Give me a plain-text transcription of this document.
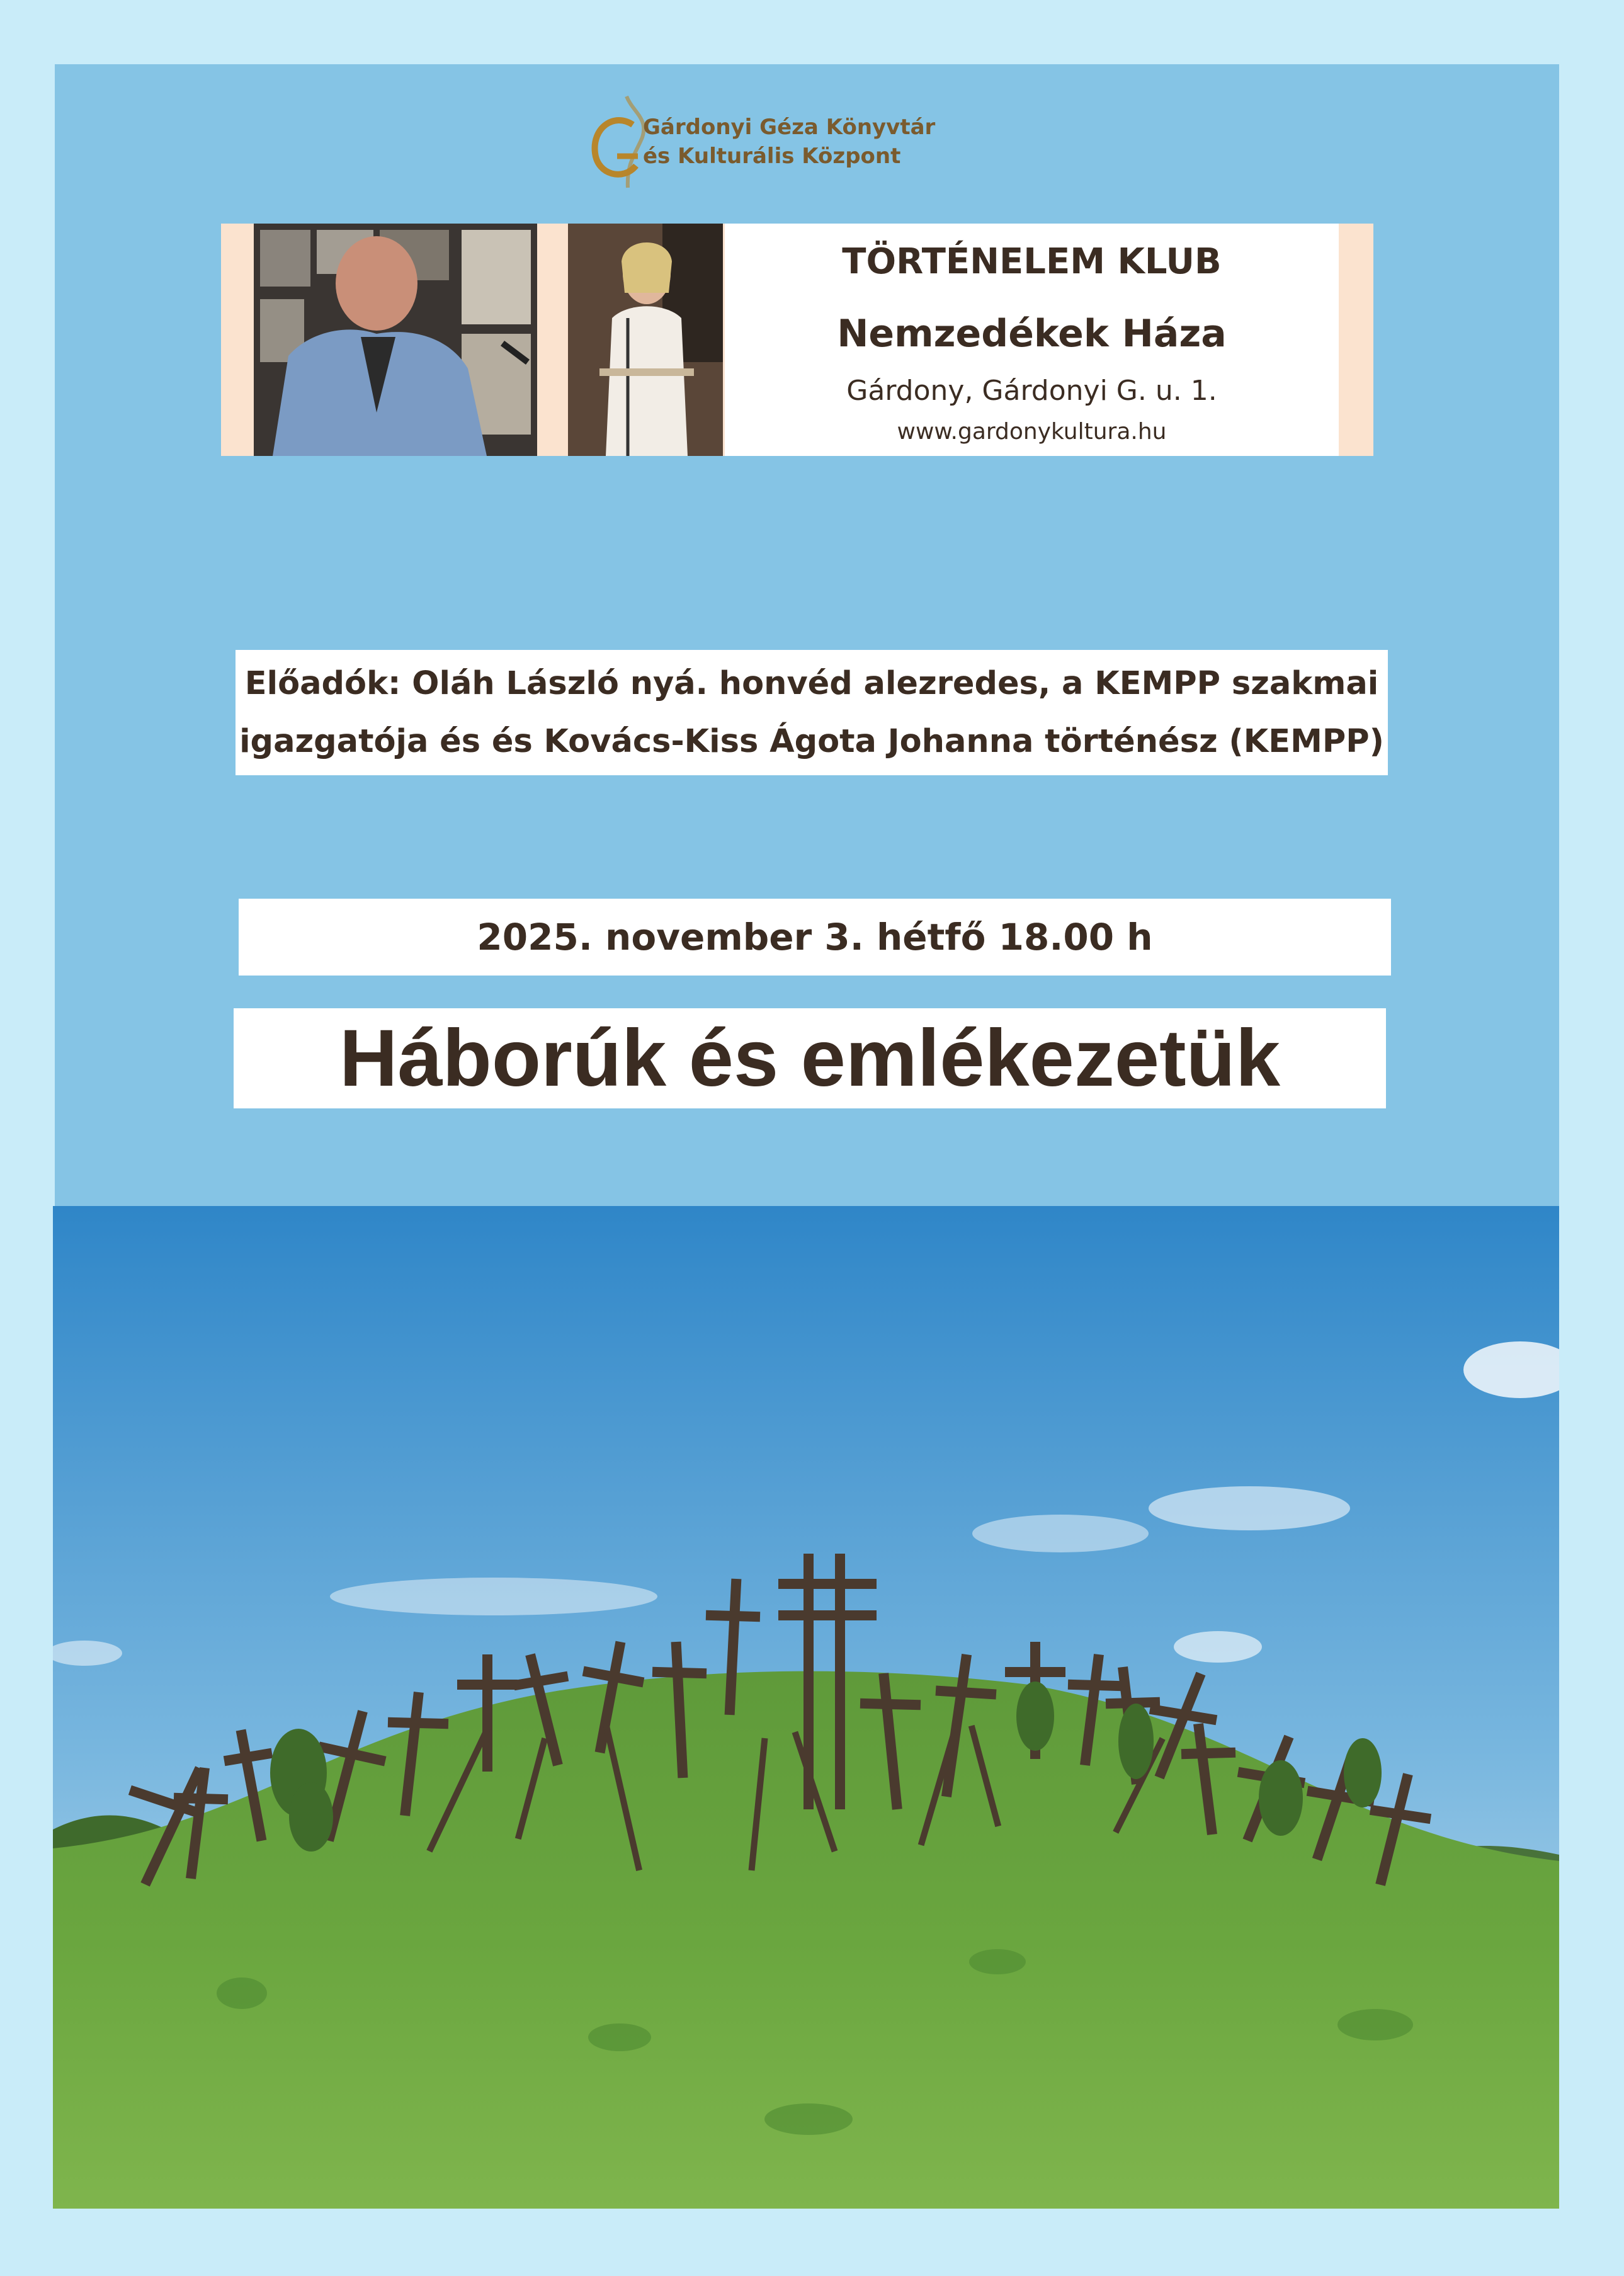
Gárdonyi Géza Könyvtár
és Kulturális Központ
TÖRTÉNELEM KLUB
Nemzedékek Háza
Gárdony, Gárdonyi G. u. 1.
www.gardonykultura.hu
Előadók: Oláh László nyá. honvéd alezredes, a KEMPP szakmai
igazgatója és és Kovács-Kiss Ágota Johanna történész (KEMPP)
2025. november 3. hétfő 18.00 h
Háborúk és emlékezetük
